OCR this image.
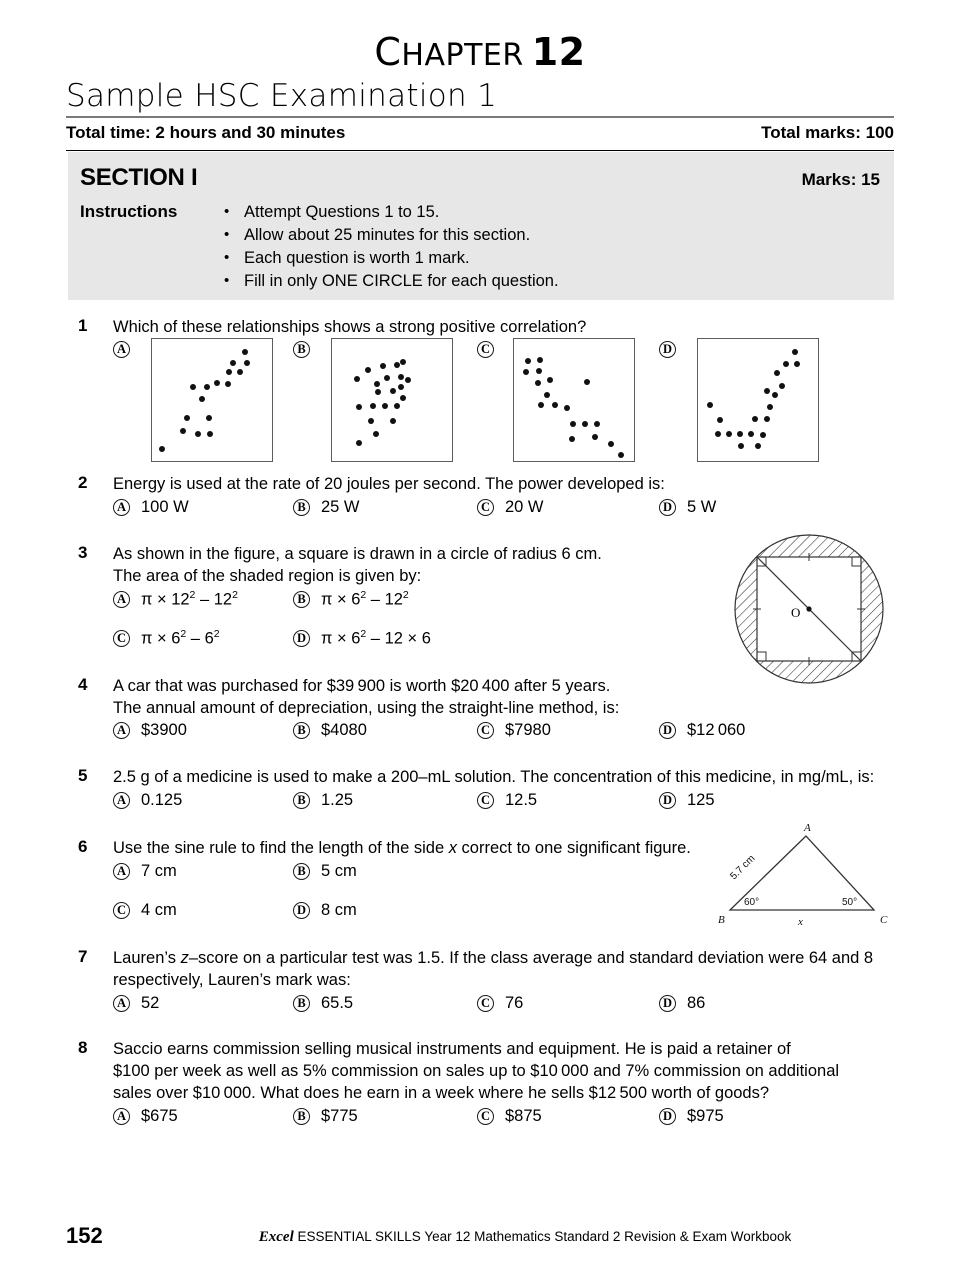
CHAPTER 12
Sample HSC Examination 1
Total time: 2 hours and 30 minutes	Total marks: 100
SECTION I	Marks: 15
Instructions	• Attempt Questions 1 to 15.
• Allow about 25 minutes for this section.
• Each question is worth 1 mark.
• Fill in only ONE CIRCLE for each question.
1	Which of these relationships shows a strong positive correlation?
A	B	C	D
2	Energy is used at the rate of 20 joules per second. The power developed is:
A 100 W	B 25 W	C 20 W	D 5 W
3	As shown in the figure, a square is drawn in a circle of radius 6 cm.
The area of the shaded region is given by:
A $\pi \times 12^2 - 12^2$	B $\pi \times 6^2 - 12^2$
C $\pi \times 6^2 - 6^2$	D $\pi \times 6^2 - 12 \times 6$
O
4	A car that was purchased for $39 900 is worth $20 400 after 5 years.
The annual amount of depreciation, using the straight-line method, is:
A $3900	B $4080	C $7980	D $12 060
5	2.5 g of a medicine is used to make a 200–mL solution. The concentration of this medicine, in mg/mL, is:
A 0.125	B 1.25	C 12.5	D 125
6	Use the sine rule to find the length of the side x correct to one significant figure.
A 7 cm	B 5 cm
C 4 cm	D 8 cm
A
B	C
60°	50°
x
5.7 cm
7	Lauren’s z–score on a particular test was 1.5. If the class average and standard deviation were 64 and 8
respectively, Lauren’s mark was:
A 52	B 65.5	C 76	D 86
8	Saccio earns commission selling musical instruments and equipment. He is paid a retainer of
$100 per week as well as 5% commission on sales up to $10 000 and 7% commission on additional
sales over $10 000. What does he earn in a week where he sells $12 500 worth of goods?
A $675	B $775	C $875	D $975
152	Excel ESSENTIAL SKILLS Year 12 Mathematics Standard 2 Revision & Exam Workbook
